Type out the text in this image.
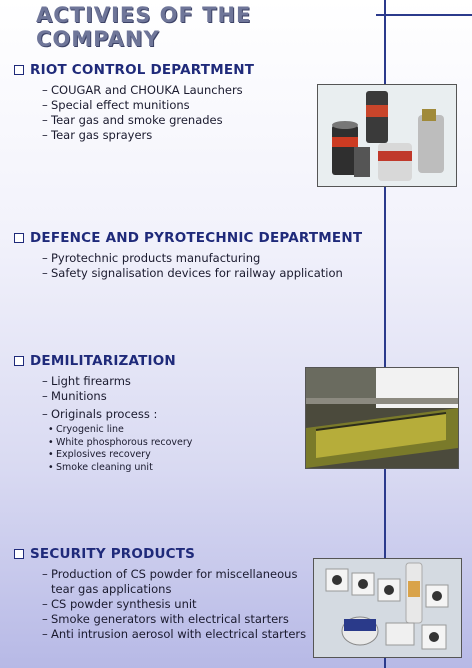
ACTIVIES OF THE COMPANY
RIOT CONTROL DEPARTMENT
– COUGAR and CHOUKA Launchers
– Special effect munitions
– Tear gas and smoke grenades
– Tear gas sprayers
DEFENCE AND PYROTECHNIC DEPARTMENT
– Pyrotechnic products manufacturing
– Safety signalisation devices for railway application
DEMILITARIZATION
– Light firearms
– Munitions
– Originals process :
• Cryogenic line
• White phosphorous recovery
• Explosives recovery
• Smoke cleaning unit
SECURITY PRODUCTS
– Production of CS powder for miscellaneous
tear gas applications
– CS powder synthesis unit
– Smoke generators with electrical starters
– Anti intrusion aerosol with electrical starters
